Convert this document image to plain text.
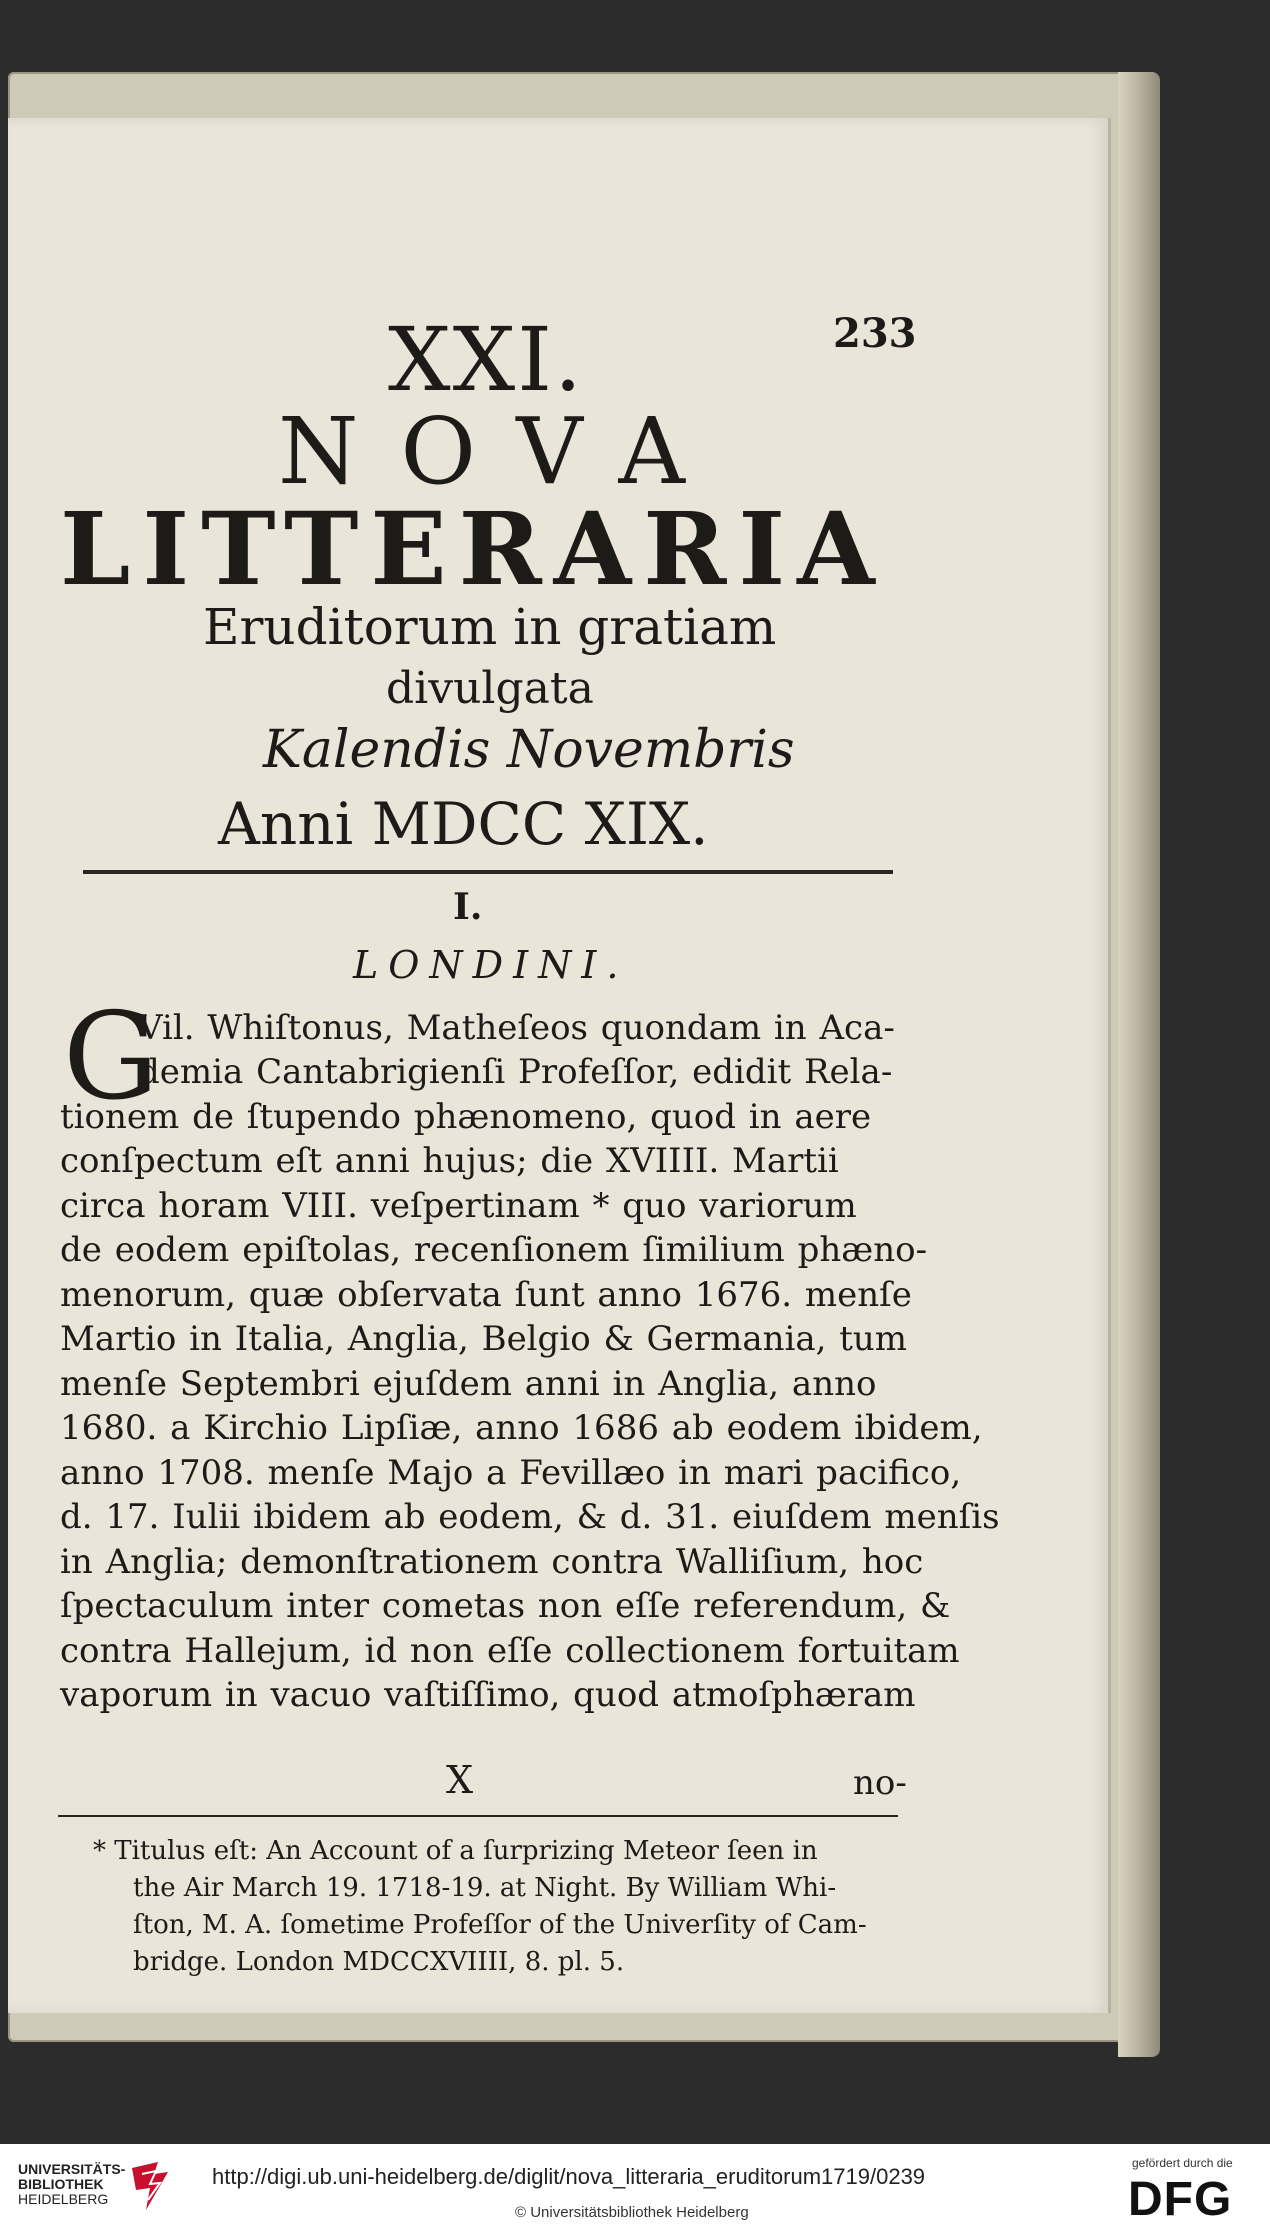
XXI.	233
NOVA
LITTERARIA
Eruditorum in gratiam
divulgata
Kalendis Novembris
Anni MDCC XIX.
I.
LONDINI.
G
Vil. Whiſtonus, Matheſeos quondam in Aca-
demia Cantabrigienſi Profeſſor, edidit Rela-
tionem de ſtupendo phænomeno, quod in aere
conſpectum eſt anni hujus; die XVIIII. Martii
circa horam VIII. veſpertinam * quo variorum
de eodem epiſtolas, recenſionem ſimilium phæno-
menorum, quæ obſervata ſunt anno 1676. menſe
Martio in Italia, Anglia, Belgio & Germania, tum
menſe Septembri ejuſdem anni in Anglia, anno
1680. a Kirchio Lipſiæ, anno 1686 ab eodem ibidem,
anno 1708. menſe Majo a Fevillæo in mari pacifico,
d. 17. Iulii ibidem ab eodem, & d. 31. eiuſdem menſis
in Anglia; demonſtrationem contra Walliſium, hoc
ſpectaculum inter cometas non eſſe referendum, &
contra Hallejum, id non eſſe collectionem fortuitam
vaporum in vacuo vaſtiſſimo, quod atmoſphæram
X	no-
* Titulus eſt: An Account of a ſurprizing Meteor ſeen in
the Air March 19. 1718-19. at Night. By William Whi-
ſton, M. A. ſometime Profeſſor of the Univerſity of Cam-
bridge. London MDCCXVIIII, 8. pl. 5.
UNIVERSITÄTS-
BIBLIOTHEK
HEIDELBERG
http://digi.ub.uni-heidelberg.de/diglit/nova_litteraria_eruditorum1719/0239
© Universitätsbibliothek Heidelberg
gefördert durch die
DFG
